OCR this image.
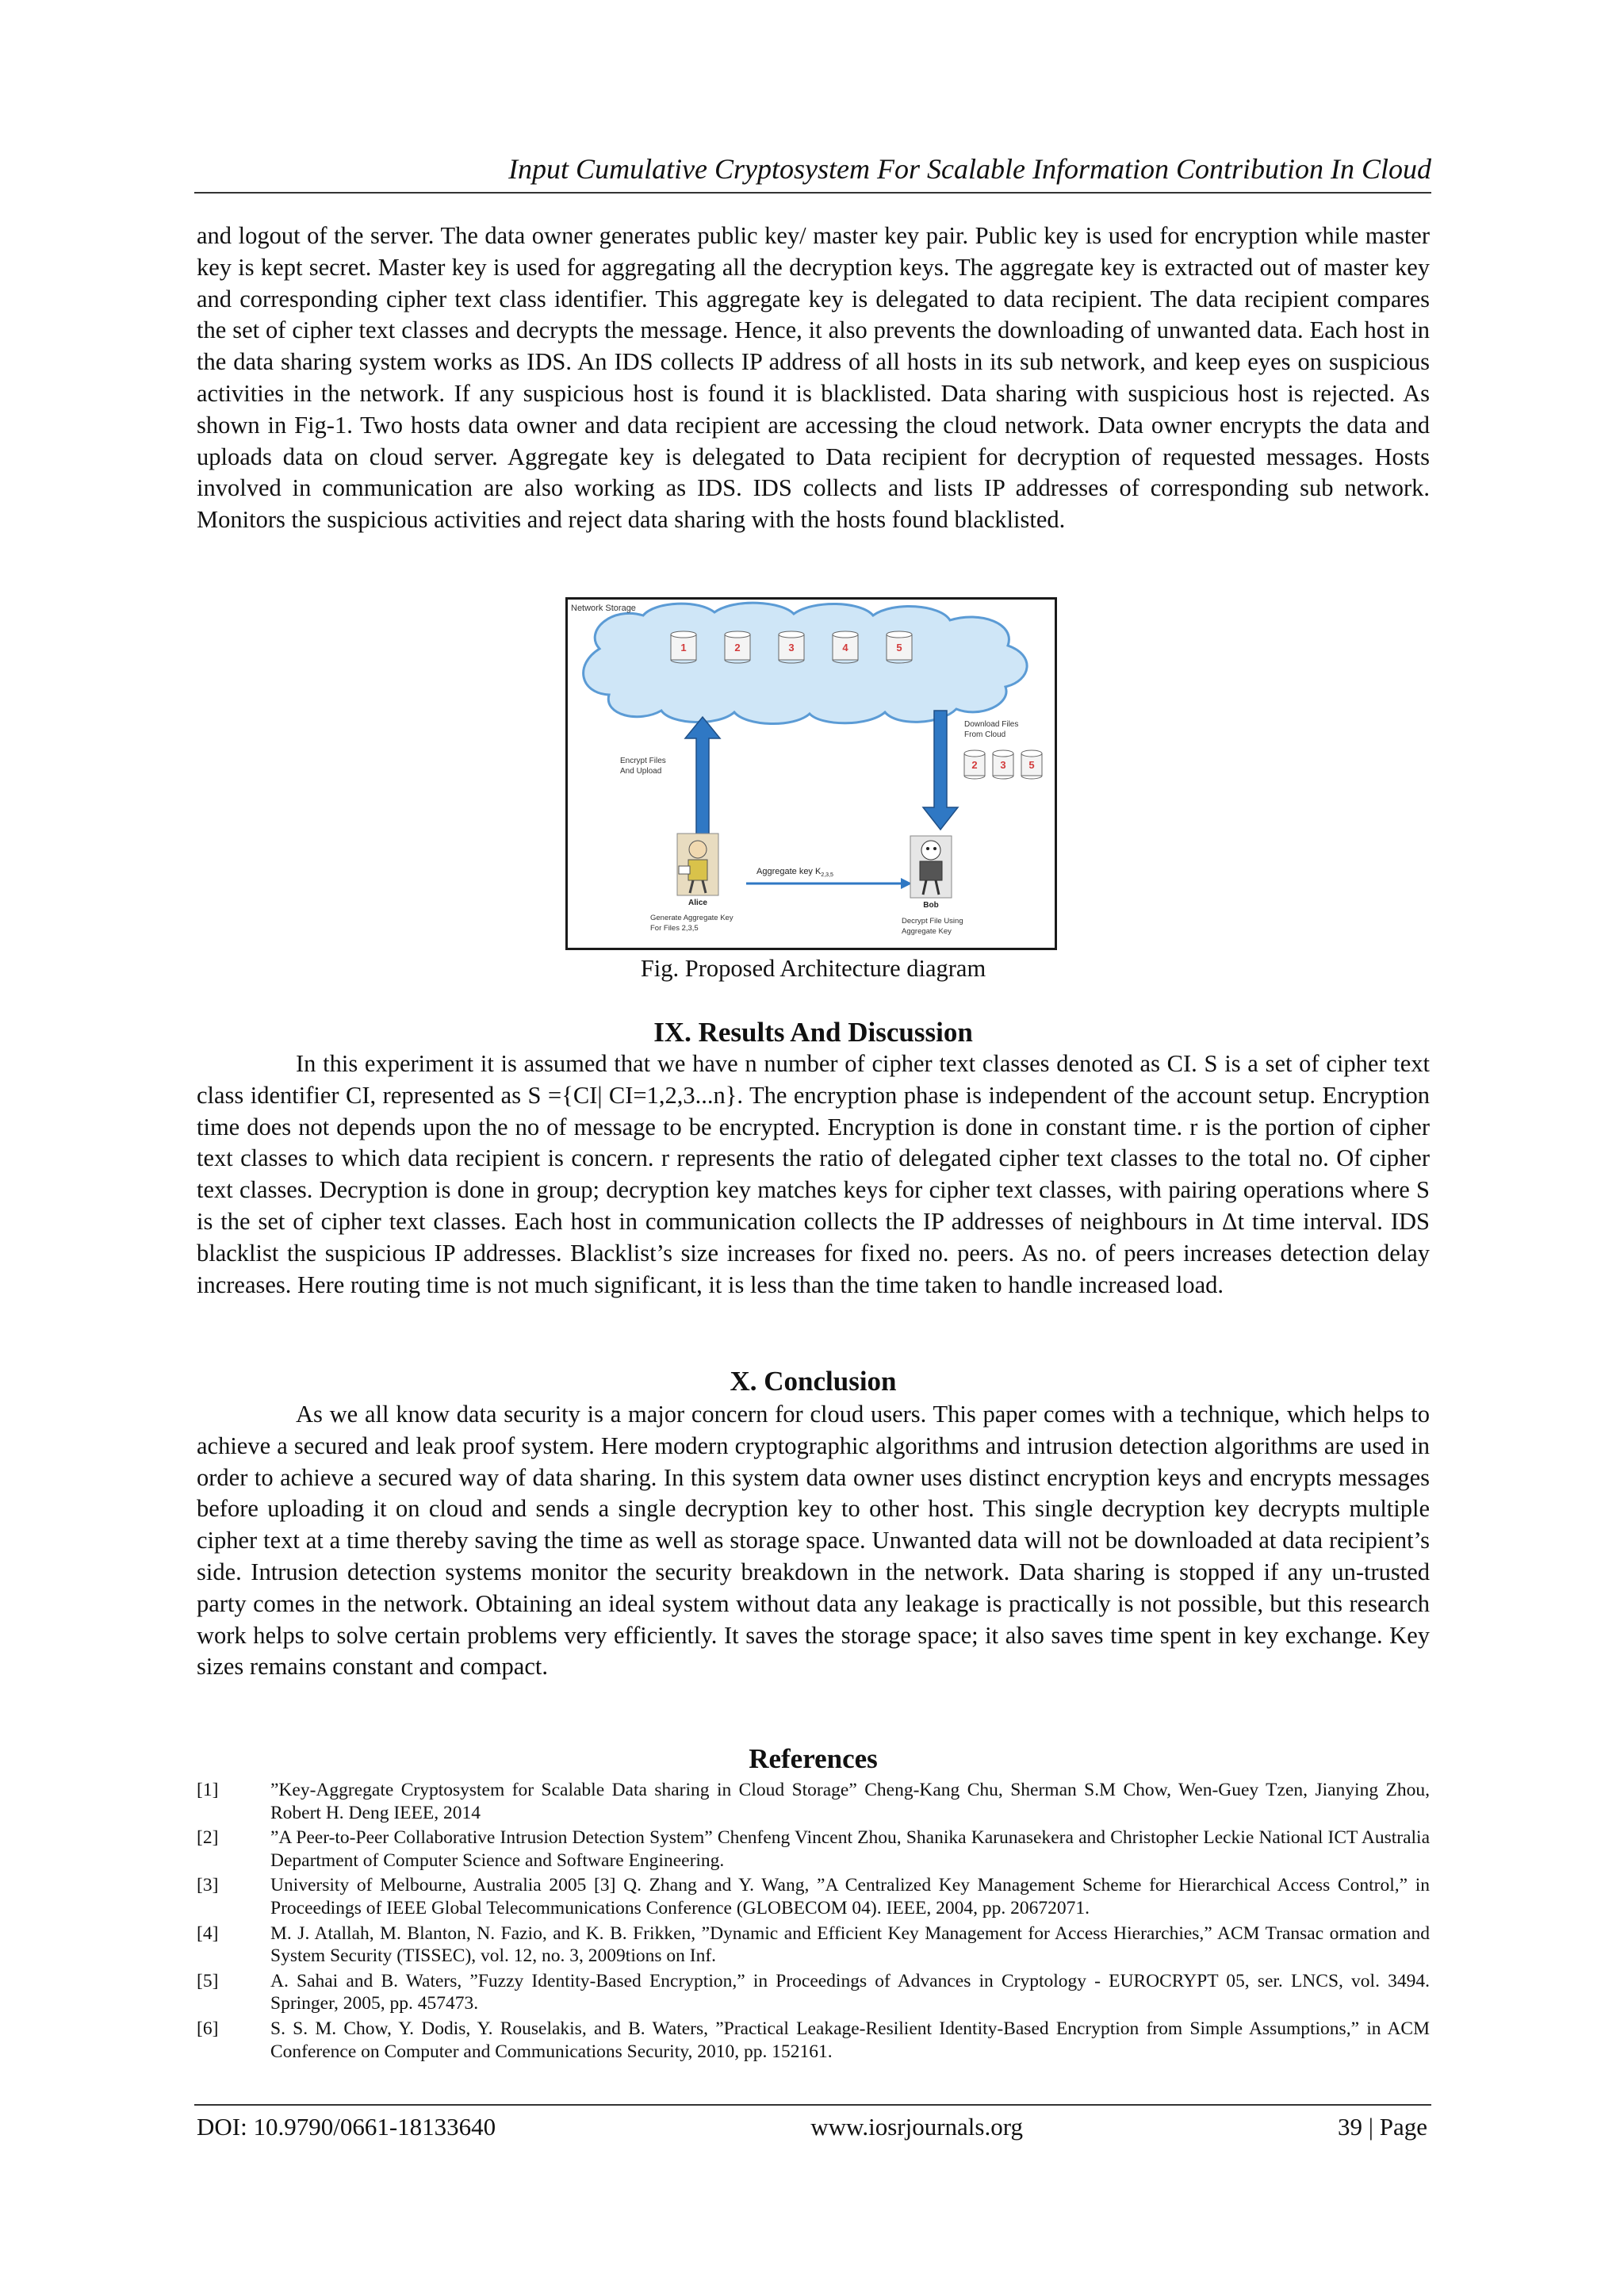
Input Cumulative Cryptosystem For Scalable Information Contribution In Cloud

and logout of the server. The data owner generates public key/ master key pair. Public key is used for encryption while master key is kept secret. Master key is used for aggregating all the decryption keys. The aggregate key is extracted out of master key and corresponding cipher text class identifier. This aggregate key is delegated to data recipient. The data recipient compares the set of cipher text classes and decrypts the message. Hence, it also prevents the downloading of unwanted data. Each host in the data sharing system works as IDS. An IDS collects IP address of all hosts in its sub network, and keep eyes on suspicious activities in the network. If any suspicious host is found it is blacklisted. Data sharing with suspicious host is rejected. As shown in Fig-1. Two hosts data owner and data recipient are accessing the cloud network. Data owner encrypts the data and uploads data on cloud server. Aggregate key is delegated to Data recipient for decryption of requested messages. Hosts involved in communication are also working as IDS. IDS collects and lists IP addresses of corresponding sub network. Monitors the suspicious activities and reject data sharing with the hosts found blacklisted.

Network Storage
1	2	3	4	5
Encrypt Files
And Upload
Download Files
From Cloud
2 3 5
Alice
Generate Aggregate Key
For Files 2,3,5
Aggregate key $K_{2,3,5}$
Bob
Decrypt File Using
Aggregate Key
Fig. Proposed Architecture diagram
IX. Results And Discussion

In this experiment it is assumed that we have n number of cipher text classes denoted as CI. S is a set of cipher text class identifier CI, represented as S ={CI| CI=1,2,3...n}. The encryption phase is independent of the account setup. Encryption time does not depends upon the no of message to be encrypted. Encryption is done in constant time. r is the portion of cipher text classes to which data recipient is concern. r represents the ratio of delegated cipher text classes to the total no. Of cipher text classes. Decryption is done in group; decryption key matches keys for cipher text classes, with pairing operations where S is the set of cipher text classes. Each host in communication collects the IP addresses of neighbours in Δt time interval. IDS blacklist the suspicious IP addresses. Blacklist’s size increases for fixed no. peers. As no. of peers increases detection delay increases. Here routing time is not much significant, it is less than the time taken to handle increased load.

X. Conclusion

As we all know data security is a major concern for cloud users. This paper comes with a technique, which helps to achieve a secured and leak proof system. Here modern cryptographic algorithms and intrusion detection algorithms are used in order to achieve a secured way of data sharing. In this system data owner uses distinct encryption keys and encrypts messages before uploading it on cloud and sends a single decryption key to other host. This single decryption key decrypts multiple cipher text at a time thereby saving the time as well as storage space. Unwanted data will not be downloaded at data recipient’s side. Intrusion detection systems monitor the security breakdown in the network. Data sharing is stopped if any un-trusted party comes in the network. Obtaining an ideal system without data any leakage is practically is not possible, but this research work helps to solve certain problems very efficiently. It saves the storage space; it also saves time spent in key exchange. Key sizes remains constant and compact.

References
[1]	”Key-Aggregate Cryptosystem for Scalable Data sharing in Cloud Storage” Cheng-Kang Chu, Sherman S.M Chow, Wen-Guey Tzen, Jianying Zhou, Robert H. Deng IEEE, 2014
[2]	”A Peer-to-Peer Collaborative Intrusion Detection System” Chenfeng Vincent Zhou, Shanika Karunasekera and Christopher Leckie National ICT Australia Department of Computer Science and Software Engineering.
[3]	University of Melbourne, Australia 2005 [3] Q. Zhang and Y. Wang, ”A Centralized Key Management Scheme for Hierarchical Access Control,” in Proceedings of IEEE Global Telecommunications Conference (GLOBECOM 04). IEEE, 2004, pp. 20672071.
[4]	M. J. Atallah, M. Blanton, N. Fazio, and K. B. Frikken, ”Dynamic and Efficient Key Management for Access Hierarchies,” ACM Transac ormation and System Security (TISSEC), vol. 12, no. 3, 2009tions on Inf.
[5]	A. Sahai and B. Waters, ”Fuzzy Identity-Based Encryption,” in Proceedings of Advances in Cryptology - EUROCRYPT 05, ser. LNCS, vol. 3494. Springer, 2005, pp. 457473.
[6]	S. S. M. Chow, Y. Dodis, Y. Rouselakis, and B. Waters, ”Practical Leakage-Resilient Identity-Based Encryption from Simple Assumptions,” in ACM Conference on Computer and Communications Security, 2010, pp. 152161.
DOI: 10.9790/0661-18133640	www.iosrjournals.org	39 | Page
